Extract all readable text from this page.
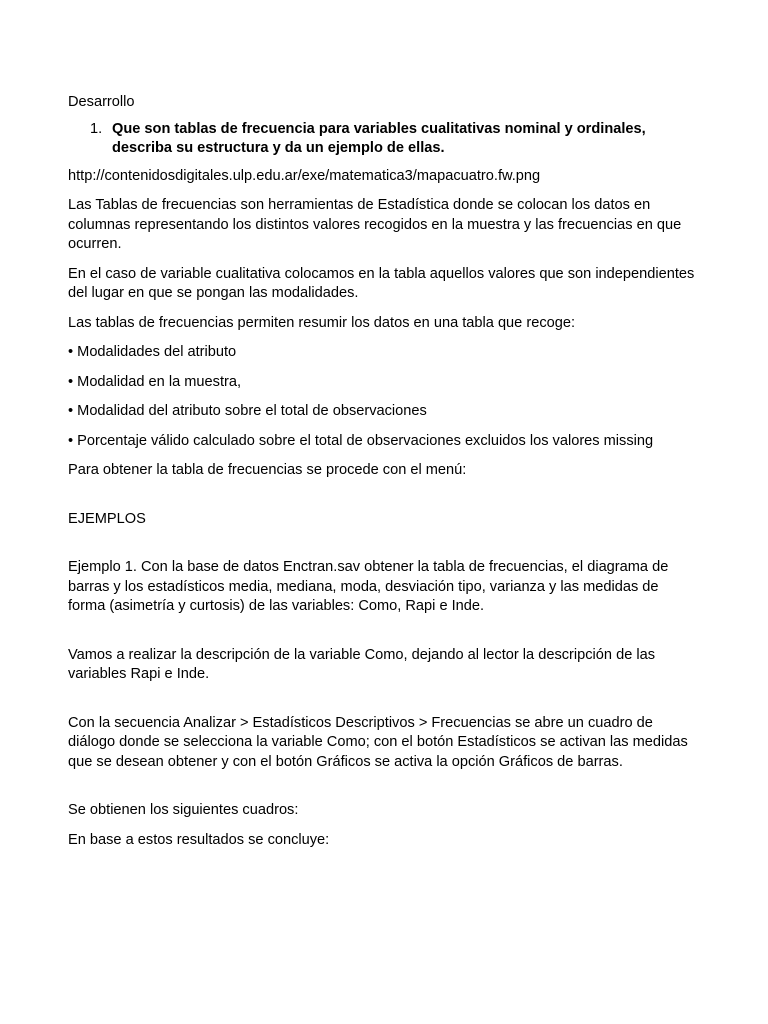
Desarrollo

1. Que son tablas de frecuencia para variables cualitativas nominal y ordinales, describa su estructura y da un ejemplo de ellas.

http://contenidosdigitales.ulp.edu.ar/exe/matematica3/mapacuatro.fw.png

Las Tablas de frecuencias son herramientas de Estadística donde se colocan los datos en columnas representando los distintos valores recogidos en la muestra y las frecuencias en que ocurren.

En el caso de variable cualitativa colocamos en la tabla aquellos valores que son independientes del lugar en que se pongan las modalidades.

Las tablas de frecuencias permiten resumir los datos en una tabla que recoge:

• Modalidades del atributo

• Modalidad en la muestra,

• Modalidad del atributo sobre el total de observaciones

• Porcentaje válido calculado sobre el total de observaciones excluidos los valores missing

Para obtener la tabla de frecuencias se procede con el menú:

EJEMPLOS

Ejemplo 1. Con la base de datos Enctran.sav obtener la tabla de frecuencias, el diagrama de barras y los estadísticos media, mediana, moda, desviación tipo, varianza y las medidas de forma (asimetría y curtosis) de las variables: Como, Rapi e Inde.

Vamos a realizar la descripción de la variable Como, dejando al lector la descripción de las variables Rapi e Inde.

Con la secuencia Analizar > Estadísticos Descriptivos > Frecuencias se abre un cuadro de diálogo donde se selecciona la variable Como; con el botón Estadísticos se activan las medidas que se desean obtener y con el botón Gráficos se activa la opción Gráficos de barras.

Se obtienen los siguientes cuadros:

En base a estos resultados se concluye:
